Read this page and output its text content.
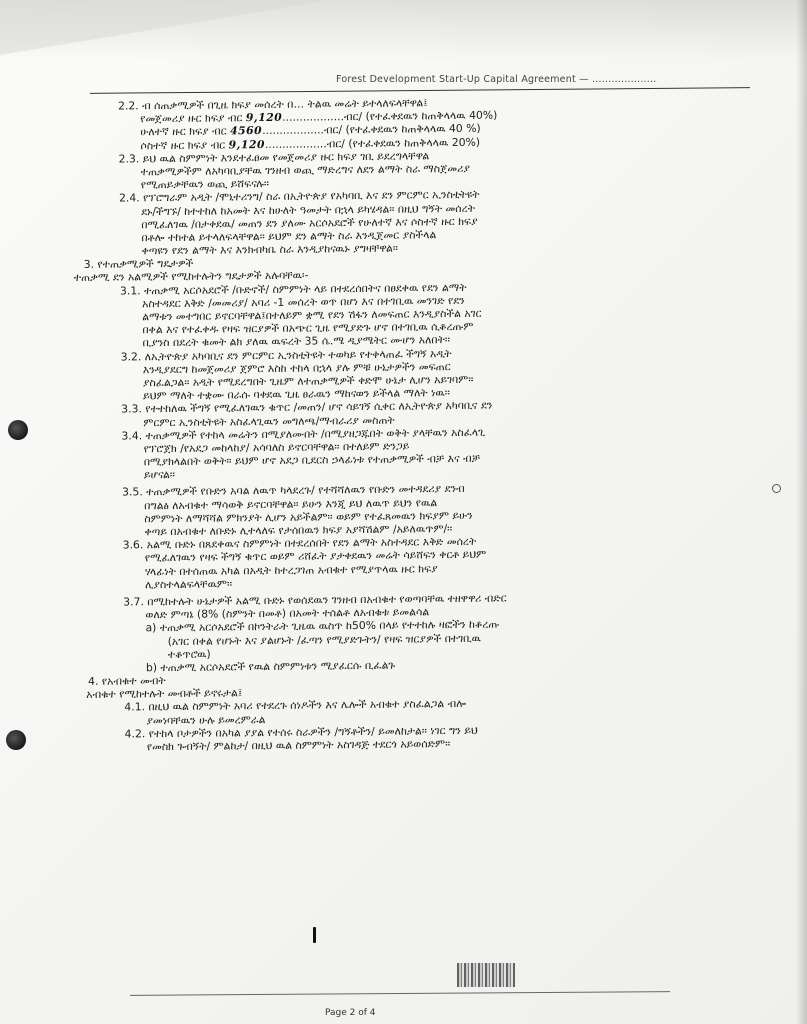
Forest Development Start-Up Capital Agreement — ....................
2.2. ብ ሰጠቃሚዎች በጊዜ ክፍያ መሰረት በ… ትልዉ መሬት ይተላለፍላቸዋል፤
የመጀመሪያ ዙር ክፍያ ብር 9,120..................ብር/ (የተፈቀደዉን ከጠቅላላዉ 40%)
ሁለተኛ ዙር ክፍያ ብር 4560..................ብር/ (የተፈቀደዉን ከጠቅላላዉ 40 %)
ሶስተኛ ዙር ክፍያ ብር 9,120..................ብር/ (የተፈቀደዉን ከጠቅላላዉ 20%)
2.3. ይህ ዉል ስምምነት እንደተፈፀመ የመጀመሪያ ዙር ክፍያ ገቢ ይደረግላቸዋል
ተጠቃሚዎችም ለአካባቢያቸዉ ገንዘብ ወጪ ማድረግና ለደን ልማት ስራ ማስጀመሪያ
የሚጠይቃቸዉን ወጪ ይሸፍናሉ፡፡
2.4. የፕሮግራም አዲት /ሞኒተሪንግ/ ስራ በኢትዮጵያ የአካባቢ እና ደን ምርምር ኢንስቲትዩት
ደኑ/ችግኙ/ ከተተከለ ከአመት እና ከሁለት ዓመታት በኋላ ይካሄዳል፡፡ በዚህ ግኝት መሰረት
በሚፈለገዉ /በታቀደዉ/ መጠን ደን ያለሙ አርሶአደሮች የሁለተኛ እና ሶስተኛ ዙር ክፍያ
በቶሎ ተከተል ይተላለፍላቸዋል፡፡ ይህም ደን ልማት ስራ እንዲጀመር ያስችላል
ቀጣዩን የደን ልማት እና እንክብካቤ ስራ እንዲያከናዉኑ ያግዛቸዋል፡፡
3. የተጠቃሚዎች ግዴታዎች
ተጠቃሚ ደን አልሚዎች የሚከተሉትን ግዴታዎች አሉባቸዉ፡-
3.1. ተጠቃሚ አርሶአደሮች /ቡድኖች/ ስምምነት ላይ በተደረሰበትና በፀደቀዉ የደን ልማት
አስተዳደር እቅድ /መመሪያ/ አባሪ -1 መሰረት ወጥ በሆነ እና በተገቢዉ መንገድ የደን
ልማቱን መተግበር ይኖርባቸዋል፤በተለይም ቋሚ የደን ሽፋን ለመፍጠር እንዲያስችል አገር
በቀል እና የተፈቀዱ የዛፍ ዝርያዎች በአጭር ጊዜ የሚያድጉ ሆኖ በተገቢዉ ሲቆረጡም
ቢያንስ በደረት ቁመት ልክ ያለዉ ዉፍረት 35 ሴ.ሜ ዲያሜትር ሙሆን አለበት፡፡
3.2. ለኢትዮጵያ አካባቢና ደን ምርምር ኢንስቲትዩት ተወካይ የተቀላጠፈ ችግኝ አዲት
እንዲያደርግ ከመጀመሪያ ጀምሮ እስከ ተከላ በኋላ ያሉ ምቹ ሁኔታዎችን መፍጠር
ያስፈልጋል፡፡ አዲት የሚደረግበት ጊዜም ለተጠቃሚዎች ቀድሞ ሁኔታ ሊሆን አይገባም፡፡
ይህም ማለት ተቋሙ በራሱ ባቀደዉ ጊዜ ፀራዉን ማከናወን ይችላል ማለት ነዉ፡፡
3.3. የተተከለዉ ችግኝ የሚፈለገዉን ቁጥር /መጠን/ ሆኖ ሳይገኝ ሲቀር ለኢትዮጵያ አካባቢና ደን
ምርምር ኢንስቲትዩት አስፈላጊዉን መግለጫ/ማብራሪያ መስጠት
3.4. ተጠቃሚዎች የተከላ መሬትን በሚያለሙበት /በሚያዘጋጁበት ወቅት ያላቸዉን አስፈላጊ
የፕሮጀክ /የአደጋ መከላከያ/ አሳባለስ ይኖርባቸዋል፡፡ በተለይም ድንጋይ
በሚያክላልበት ወቅት፡፡ ይህም ሆኖ አደጋ ቢደርስ ኃላፊነቱ የተጠቃሚዎች ብቻ እና ብቻ
ይሆናል፡፡
3.5. ተጠቃሚዎች የቡድን አባል ለዉጥ ካላደረጉ/ የተሻሻለዉን የቡድን መተዳደሪያ ደንብ
በግልፅ ለአብቁተ ማሳወቅ ይኖርባቸዋል፡፡ ይሁን እንጂ ይህ ለዉጥ ይህን የዉል
ስምምነት ለማሻሻል ምክንያት ሊሆን አይችልም፡፡ ወይም የተፈጸመዉን ክፍያም ይሁን
ቀጣይ በአብቁተ ለቡድኑ ሊተላለፍ የታሰበዉን ክፍያ አያሻሽልም /አይለዉጥም/፡፡
3.6. አልሚ ቡድኑ በጸደቀዉና ስምምነት በተደረሰበት የደን ልማት አስተዳደር እቅድ መሰረት
የሚፈለገዉን የዛፍ ችግኝ ቁጥር ወይም ሪሸፈት ያታቀደዉን መሬት ሳይሸፍን ቀርቶ ይህም
ሃላፊነት በተሰጠዉ አካል በአዲት ከተረጋገጠ አብቁተ የሚያጥላዉ ዙር ክፍያ
ሊያስተላልፍላቸዉም፡፡
3.7. በሚከተሉት ሁኔታዎች አልሚ ቡድኑ የወሰደዉን ገንዘብ በአብቁተ የወጣባቸዉ ተዘዋዋሪ ብድር
ወለድ ምጣኔ (8% (ስምንት በመቶ) በአመት ተሰልቶ ለአብቁቱ ይመልሳል
a) ተጠቃሚ አርሶአደሮች በኮንትራት ጊዜዉ ዉስጥ ከ50% በላይ የተተከሉ ዛፎችን ከቆረጡ
(አገር በቀል የሆኑት እና ያልሆኑት /ፈጣን የሚያድጉትን/ የዛፍ ዝርያዎች በተገቢዉ
ተቆጥሮዉ)
b) ተጠቃሚ አርሶአደሮች የዉል ስምምነቱን ሚያፈርሱ ቢፈልጉ
4. የአብቁተ መብት
አብቁተ የሚከተሉት መብቶች ይኖሩታል፤
4.1. በዚህ ዉል ስምምነት አባሪ የተደረጉ ሰነዶችን እና ሌሎች አብቁተ ያስፈልጋል ብሎ
ያመነባቸዉን ሁሉ ይመረምራል
4.2. የተከላ ቦታዎችን በአካል ያያል የተሰሩ ስራዎችን /ግኝቶችን/ ይመለከታል፡፡ ነገር ግን ይህ
የመስክ ጉብኝት/ ምልከታ/ በዚህ ዉል ስምምነት አስገዳጅ ተደርጎ አይወሰድም፡፡
Page 2 of 4
